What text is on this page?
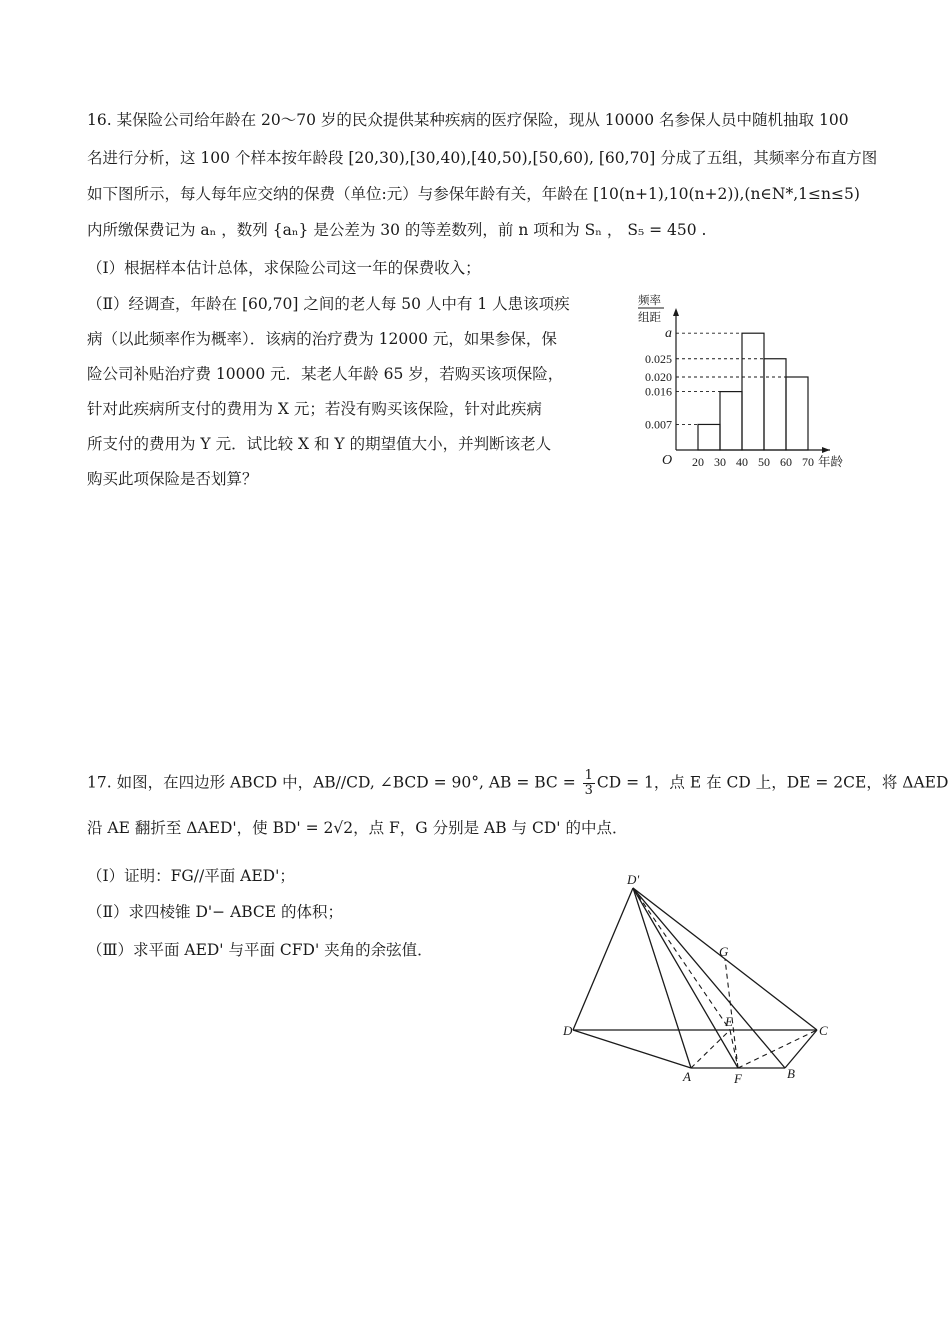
16. 某保险公司给年龄在 20～70 岁的民众提供某种疾病的医疗保险，现从 10000 名参保人员中随机抽取 100
名进行分析，这 100 个样本按年龄段 [20,30),[30,40),[40,50),[50,60), [60,70] 分成了五组，其频率分布直方图
如下图所示，每人每年应交纳的保费（单位:元）与参保年龄有关，年龄在 [10(n+1),10(n+2)),(n∈N*,1≤n≤5)
内所缴保费记为 aₙ ，数列 {aₙ} 是公差为 30 的等差数列，前 n 项和为 Sₙ ， S₅ = 450 .
（Ⅰ）根据样本估计总体，求保险公司这一年的保费收入；
（Ⅱ）经调查，年龄在 [60,70] 之间的老人每 50 人中有 1 人患该项疾
病（以此频率作为概率）．该病的治疗费为 12000 元，如果参保，保
险公司补贴治疗费 10000 元．某老人年龄 65 岁，若购买该项保险，
针对此疾病所支付的费用为 X 元；若没有购买该保险，针对此疾病
所支付的费用为 Y 元．试比较 X 和 Y 的期望值大小，并判断该老人
购买此项保险是否划算？
a
0.025
0.020
0.016
0.007
20 30 40 50 60 70
O	年龄
频率
组距
17. 如图，在四边形 ABCD 中，AB//CD, ∠BCD = 90°, AB = BC = $\frac{1}{3}$ CD = 1，点 E 在 CD 上，DE = 2CE，将 ΔAED
沿 AE 翻折至 ΔAED'，使 BD' = 2√2，点 F，G 分别是 AB 与 CD' 的中点．
（Ⅰ）证明：FG//平面 AED'；
（Ⅱ）求四棱锥 D'− ABCE 的体积；
（Ⅲ）求平面 AED' 与平面 CFD' 夹角的余弦值．
D'
D
E
C
A	F	B
G
